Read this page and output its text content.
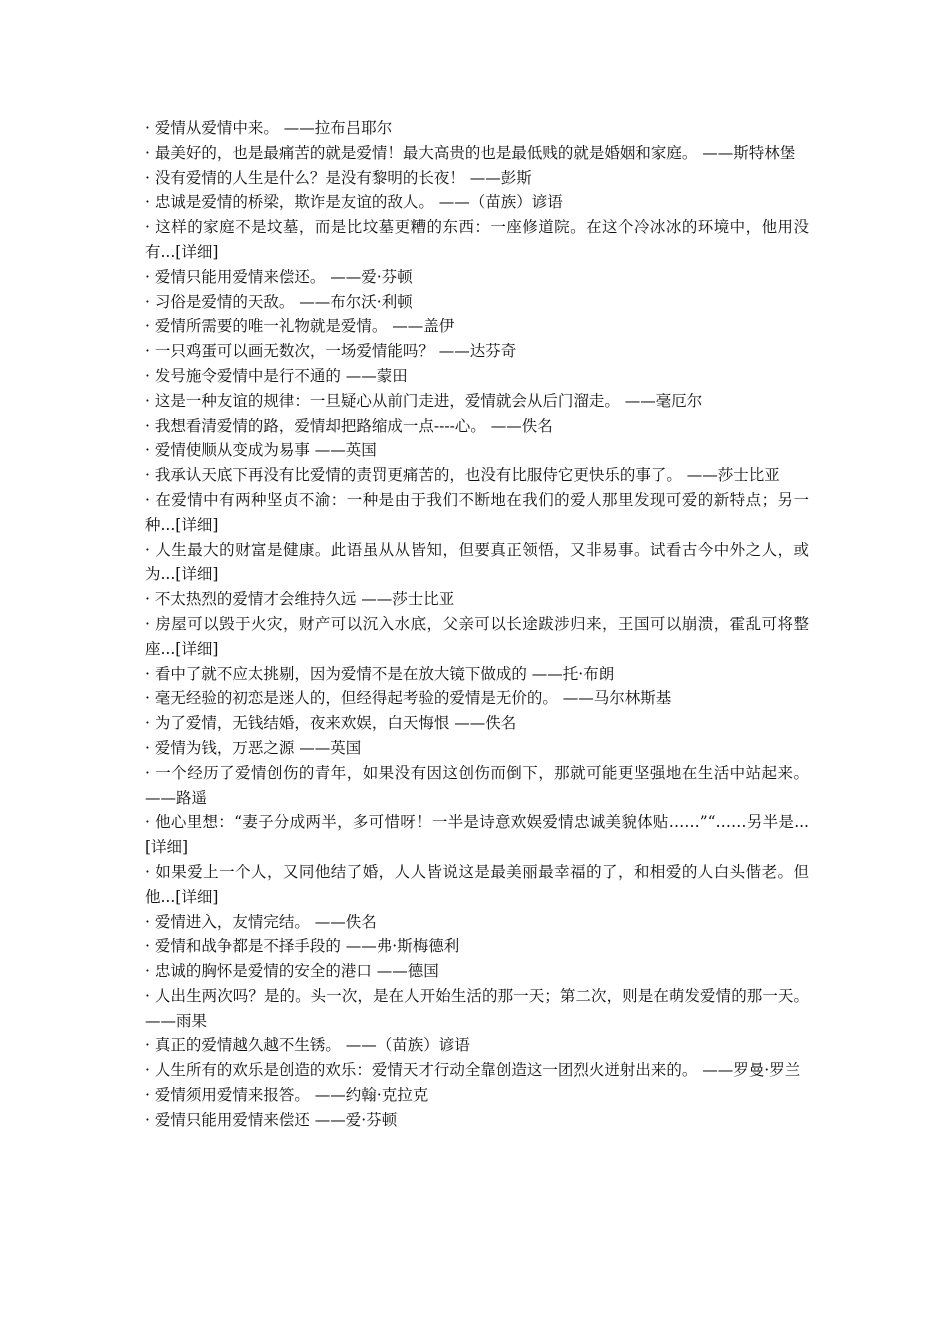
· 爱情从爱情中来。 ——拉布吕耶尔

· 最美好的，也是最痛苦的就是爱情！最大高贵的也是最低贱的就是婚姻和家庭。 ——斯特林堡

· 没有爱情的人生是什么？是没有黎明的长夜！ ——彭斯

· 忠诚是爱情的桥梁，欺诈是友谊的敌人。 ——（苗族）谚语

· 这样的家庭不是坟墓，而是比坟墓更糟的东西：一座修道院。在这个冷冰冰的环境中，他用没有...[详细]

· 爱情只能用爱情来偿还。 ——爱·芬顿

· 习俗是爱情的天敌。 ——布尔沃·利顿

· 爱情所需要的唯一礼物就是爱情。 ——盖伊

· 一只鸡蛋可以画无数次，一场爱情能吗？ ——达芬奇

· 发号施令爱情中是行不通的 ——蒙田

· 这是一种友谊的规律：一旦疑心从前门走进，爱情就会从后门溜走。 ——毫厄尔

· 我想看清爱情的路，爱情却把路缩成一点----心。 ——佚名

· 爱情使顺从变成为易事 ——英国

· 我承认天底下再没有比爱情的责罚更痛苦的，也没有比服侍它更快乐的事了。 ——莎士比亚

· 在爱情中有两种坚贞不渝：一种是由于我们不断地在我们的爱人那里发现可爱的新特点；另一种...[详细]

· 人生最大的财富是健康。此语虽从从皆知，但要真正领悟，又非易事。试看古今中外之人，或为...[详细]

· 不太热烈的爱情才会维持久远 ——莎士比亚

· 房屋可以毁于火灾，财产可以沉入水底，父亲可以长途跋涉归来，王国可以崩溃，霍乱可将整座...[详细]

· 看中了就不应太挑剔，因为爱情不是在放大镜下做成的 ——托·布朗

· 毫无经验的初恋是迷人的，但经得起考验的爱情是无价的。 ——马尔林斯基

· 为了爱情，无钱结婚，夜来欢娱，白天悔恨 ——佚名

· 爱情为钱，万恶之源 ——英国

· 一个经历了爱情创伤的青年，如果没有因这创伤而倒下，那就可能更坚强地在生活中站起来。 ——路遥

· 他心里想：“妻子分成两半，多可惜呀！一半是诗意欢娱爱情忠诚美貌体贴……”“……另半是...[详细]

· 如果爱上一个人，又同他结了婚，人人皆说这是最美丽最幸福的了，和相爱的人白头偕老。但他...[详细]

· 爱情进入，友情完结。 ——佚名

· 爱情和战争都是不择手段的 ——弗·斯梅德利

· 忠诚的胸怀是爱情的安全的港口 ——德国

· 人出生两次吗？是的。头一次，是在人开始生活的那一天；第二次，则是在萌发爱情的那一天。 ——雨果

· 真正的爱情越久越不生锈。 ——（苗族）谚语

· 人生所有的欢乐是创造的欢乐：爱情天才行动全靠创造这一团烈火迸射出来的。 ——罗曼·罗兰

· 爱情须用爱情来报答。 ——约翰·克拉克

· 爱情只能用爱情来偿还 ——爱·芬顿
